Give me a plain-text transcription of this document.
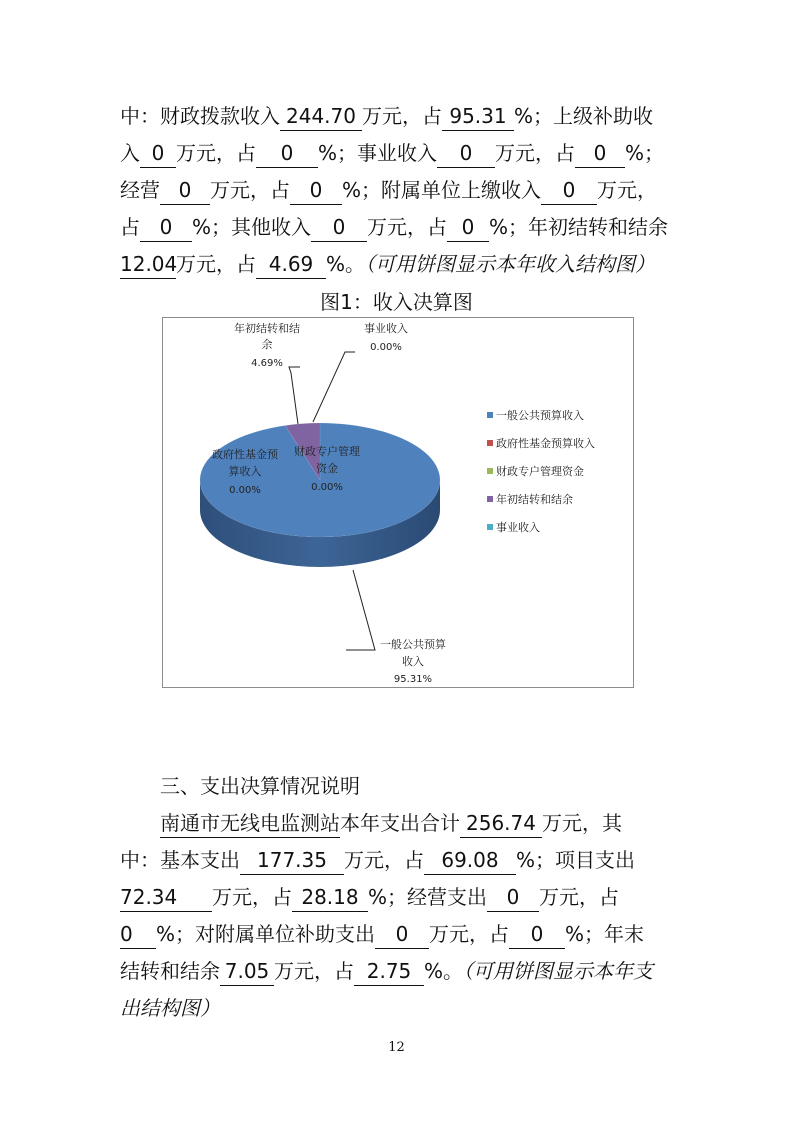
中：财政拨款收入 244.70 万元，占 95.31 %；上级补助收
入 0 万元，占 0 %；事业收入 0 万元，占 0 %；
经营 0 万元，占 0 %；附属单位上缴收入 0 万元，
占 0 %；其他收入 0 万元，占 0 %；年初结转和结余
12.04万元，占 4.69 %。（可用饼图显示本年收入结构图）
图1：收入决算图
年初结转和结
余
4.69%
事业收入
0.00%
政府性基金预
算收入
0.00%
财政专户管理
资金
0.00%
一般公共预算
收入
95.31%
一般公共预算收入
政府性基金预算收入
财政专户管理资金
年初结转和结余
事业收入
三、支出决算情况说明
南通市无线电监测站本年支出合计 256.74 万元，其
中：基本支出 177.35 万元，占 69.08 %；项目支出
72.34 万元，占 28.18 %；经营支出 0 万元，占
0 %；对附属单位补助支出 0 万元，占 0 %；年末
结转和结余 7.05 万元，占 2.75 %。（可用饼图显示本年支
出结构图）
12
